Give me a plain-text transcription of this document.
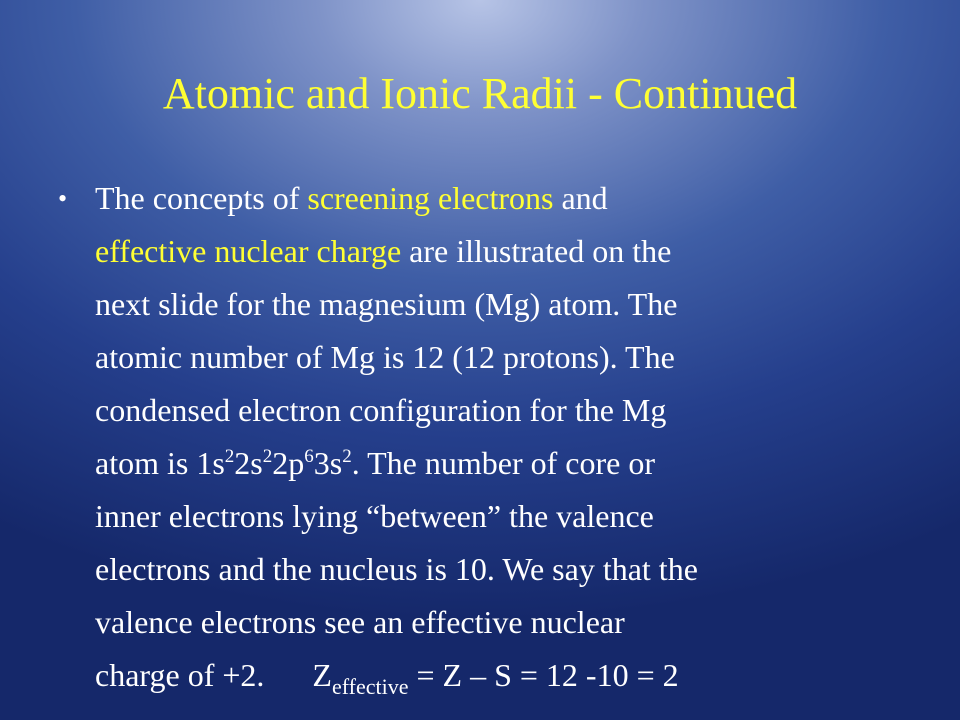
Atomic and Ionic Radii - Continued
• The concepts of screening electrons and
effective nuclear charge are illustrated on the
next slide for the magnesium (Mg) atom. The
atomic number of Mg is 12 (12 protons). The
condensed electron configuration for the Mg
atom is $1s^22s^22p^63s^2$. The number of core or
inner electrons lying “between” the valence
electrons and the nucleus is 10. We say that the
valence electrons see an effective nuclear
charge of +2.      $Z_{effective} = Z - S = 12$ -10 = 2
